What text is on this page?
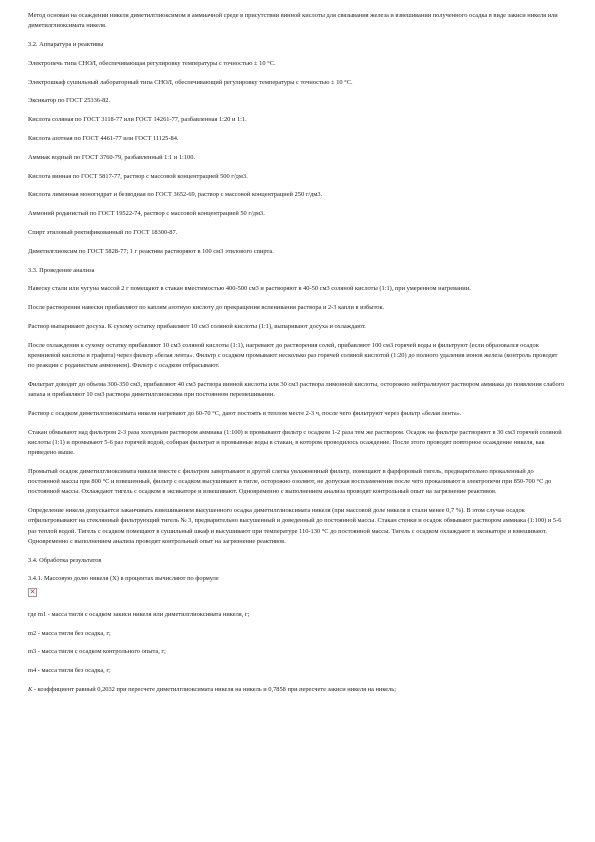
Метод основан на осаждении никеля диметилглиоксимом в аммиачной среде в присутствии винной кислоты для связывания железа и взвешивании полученного осадка в виде закиси никеля или диметилглиоксимата никеля.

3.2. Аппаратура и реактивы

Электропечь типа СНОЛ, обеспечивающая регулировку температуры с точностью ± 10 °С.

Электрошкаф сушильный лабораторный типа СНОЛ, обеспечивающий регулировку температуры с точностью ± 10 °С.

Эксикатор по ГОСТ 25336-82.

Кислота соляная по ГОСТ 3118-77 или ГОСТ 14261-77, разбавленная 1:20 и 1:1.

Кислота азотная по ГОСТ 4461-77 или ГОСТ 11125-84.

Аммиак водный по ГОСТ 3760-79, разбавленный 1:1 и 1:100.

Кислота винная по ГОСТ 5817-77, раствор с массовой концентрацией 500 г/дм3.

Кислота лимонная моногидрат и безводная по ГОСТ 3652-69, раствор с массовой концентрацией 250 г/дм3.

Аммоний роданистый по ГОСТ 19522-74, раствор с массовой концентрацией 50 г/дм3.

Спирт этиловый ректификованный по ГОСТ 18300-87.

Диметилглиоксим по ГОСТ 5828-77; 1 г реактива растворяют в 100 см3 этилового спирта.

3.3. Проведение анализа

Навеску стали или чугуна массой 2 г помещают в стакан вместимостью 400-500 см3 и растворяют в 40-50 см3 соляной кислоты (1:1), при умеренном нагревании.

После растворения навески прибавляют по каплям азотную кислоту до прекращения вспенивания раствора и 2-3 капли в избыток.

Раствор выпаривают досуха. К сухому остатку прибавляют 10 см3 соляной кислоты (1:1), выпаривают досуха и охлаждают.

После охлаждения к сухому остатку прибавляют 10 см3 соляной кислоты (1:1), нагревают до растворения солей, прибавляют 100 см3 горячей воды и фильтруют (если образовался осадок кремниевой кислоты и графита) через фильтр «белая лента». Фильтр с осадком промывают несколько раз горячей соляной кислотой (1:20) до полного удаления ионов железа (контроль проводят по реакции с роданистым аммонием). Фильтр с осадком отбрасывают.

Фильтрат доводят до объема 300-350 см3, прибавляют 40 см3 раствора винной кислоты или 30 см3 раствора лимонной кислоты, осторожно нейтрализуют раствором аммиака до появления слабого запаха и прибавляют 10 см3 раствора диметилглиоксима при постоянном перемешивании.

Раствор с осадком диметилглиоксимата никеля нагревают до 60-70 °С, дают постоять в теплом месте 2-3 ч, после чего фильтруют через фильтр «белая лента».

Стакан обмывают над фильтром 2-3 раза холодным раствором аммиака (1:100) и промывают фильтр с осадком 1-2 раза тем же раствором. Осадок на фильтре растворяют в 30 см3 горячей соляной кислоты (1:1) и промывают 5-6 раз горячей водой, собирая фильтрат и промывные воды в стакан, в котором проводилось осаждение. После этого проводят повторное осаждение никеля, как приведено выше.

Промытый осадок диметилглиоксимата никеля вместе с фильтром завертывают в другой слегка увлажненный фильтр, помещают в фарфоровый тигель, предварительно прокаленный до постоянной массы при 800 °С и взвешенный, фильтр с осадком высушивают в тигле, осторожно озоляют, не допуская воспламенения после чего прокаливают в электропечи при 850-700 °С до постоянной массы. Охлаждают тигель с осадком в эксикаторе и взвешивают. Одновременно с выполнением анализа проводят контрольный опыт на загрязнение реактивов.

Определение никеля допускается заканчивать взвешиванием высушенного осадка диметилглиоксимата никеля (при массовой доле никеля в стали менее 0,7 %). В этом случае осадок отфильтровывают на стеклянный фильтрующий тигель № 3, предварительно высушенный и доведенный до постоянной массы. Стакан стенки и осадок обмывают раствором аммиака (1:100) и 5-6 раз теплой водой. Тигель с осадком помещают в сушильный шкаф и высушивают при температуре 110-130 °С до постоянной массы. Тигель с осадком охлаждают в эксикаторе и взвешивают. Одновременно с выполнением анализа проводят контрольный опыт на загрязнение реактивов.

3.4. Обработка результатов

3.4.1. Массовую долю никеля (Х) в процентах вычисляют по формуле

✕

где m1 - масса тигля с осадком закиси никеля или диметилглиоксимата никеля, г;

m2 - масса тигля без осадка, г;

m3 - масса тигля с осадком контрольного опыта, г;

m4 - масса тигля без осадка, г;

K - коэффициент равный 0,2032 при пересчете диметилглиоксимата никеля на никель и 0,7858 при пересчете закиси никеля на никель;
